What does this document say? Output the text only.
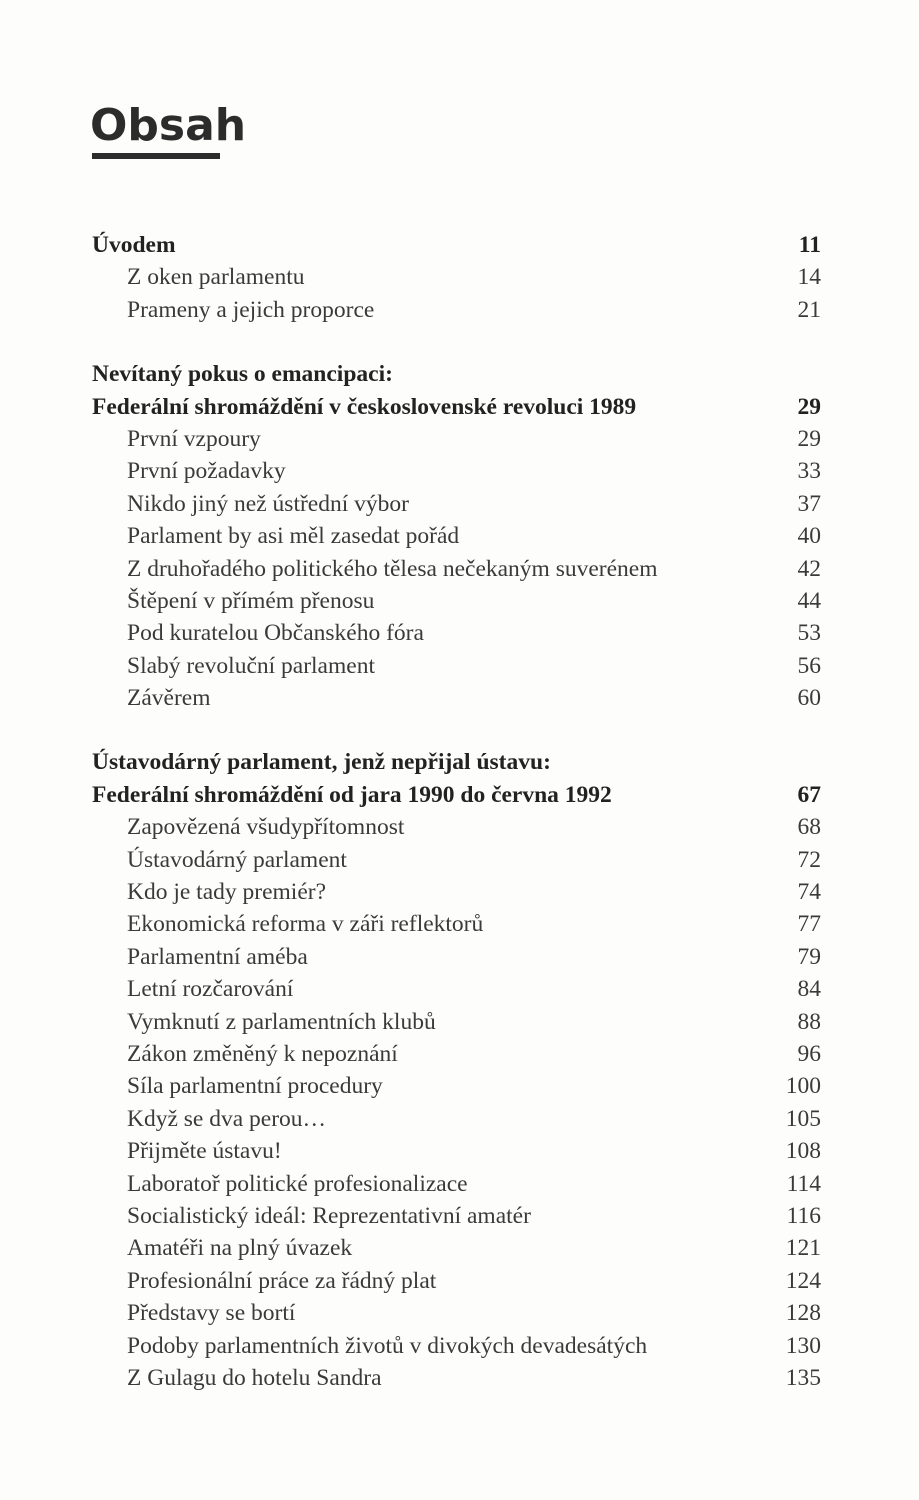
Obsah
Úvodem	11
Z oken parlamentu	14
Prameny a jejich proporce	21
Nevítaný pokus o emancipaci:
Federální shromáždění v československé revoluci 1989	29
První vzpoury	29
První požadavky	33
Nikdo jiný než ústřední výbor	37
Parlament by asi měl zasedat pořád	40
Z druhořadého politického tělesa nečekaným suverénem	42
Štěpení v přímém přenosu	44
Pod kuratelou Občanského fóra	53
Slabý revoluční parlament	56
Závěrem	60
Ústavodárný parlament, jenž nepřijal ústavu:
Federální shromáždění od jara 1990 do června 1992	67
Zapovězená všudypřítomnost	68
Ústavodárný parlament	72
Kdo je tady premiér?	74
Ekonomická reforma v záři reflektorů	77
Parlamentní améba	79
Letní rozčarování	84
Vymknutí z parlamentních klubů	88
Zákon změněný k nepoznání	96
Síla parlamentní procedury	100
Když se dva perou…	105
Přijměte ústavu!	108
Laboratoř politické profesionalizace	114
Socialistický ideál: Reprezentativní amatér	116
Amatéři na plný úvazek	121
Profesionální práce za řádný plat	124
Představy se bortí	128
Podoby parlamentních životů v divokých devadesátých	130
Z Gulagu do hotelu Sandra	135
